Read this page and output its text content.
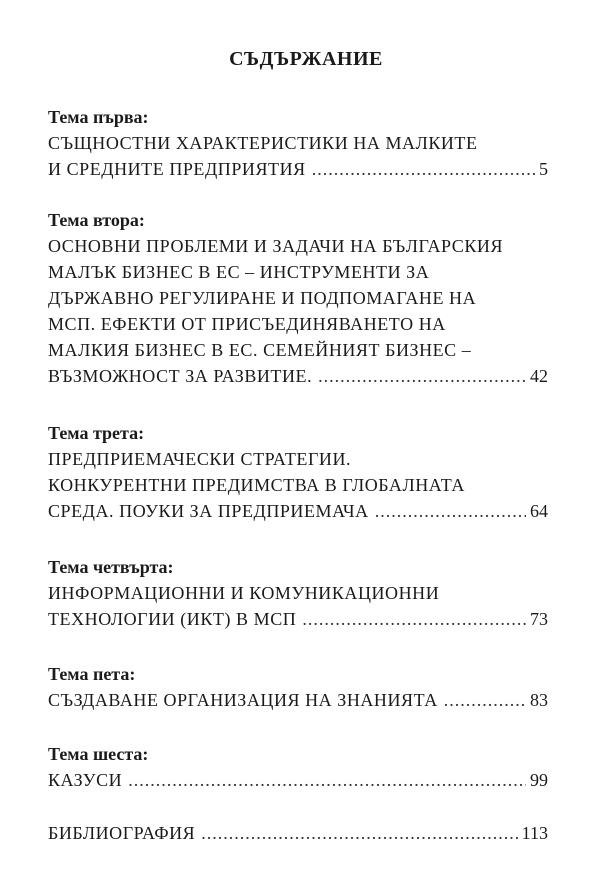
СЪДЪРЖАНИЕ
Тема първа:
СЪЩНОСТНИ ХАРАКТЕРИСТИКИ НА МАЛКИТЕ
И СРЕДНИТЕ ПРЕДПРИЯТИЯ .....	5
Тема втора:
ОСНОВНИ ПРОБЛЕМИ И ЗАДАЧИ НА БЪЛГАРСКИЯ
МАЛЪК БИЗНЕС В ЕС – ИНСТРУМЕНТИ ЗА
ДЪРЖАВНО РЕГУЛИРАНЕ И ПОДПОМАГАНЕ НА
МСП. ЕФЕКТИ ОТ ПРИСЪЕДИНЯВАНЕТО НА
МАЛКИЯ БИЗНЕС В ЕС. СЕМЕЙНИЯТ БИЗНЕС –
ВЪЗМОЖНОСТ ЗА РАЗВИТИЕ. .....	42
Тема трета:
ПРЕДПРИЕМАЧЕСКИ СТРАТЕГИИ.
КОНКУРЕНТНИ ПРЕДИМСТВА В ГЛОБАЛНАТА
СРЕДА. ПОУКИ ЗА ПРЕДПРИЕМАЧА .....	64
Тема четвърта:
ИНФОРМАЦИОННИ И КОМУНИКАЦИОННИ
ТЕХНОЛОГИИ (ИКТ) В МСП .....	73
Тема пета:
СЪЗДАВАНЕ ОРГАНИЗАЦИЯ НА ЗНАНИЯТА .....	83
Тема шеста:
КАЗУСИ .....	99
БИБЛИОГРАФИЯ .....	113
